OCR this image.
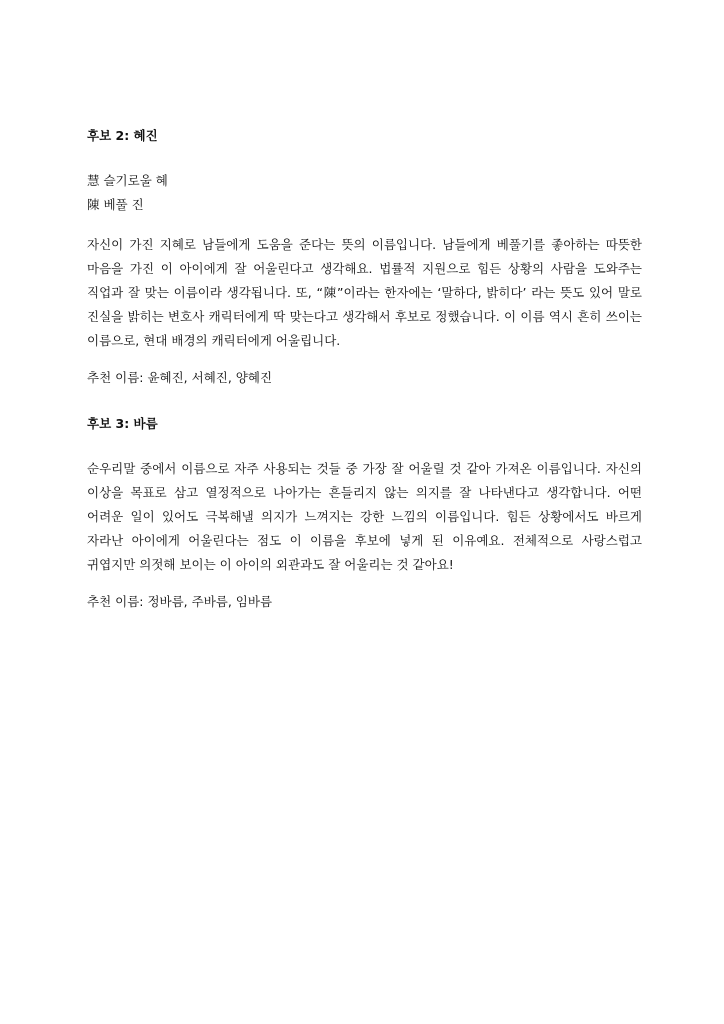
후보 2: 혜진

慧 슬기로울 혜

陳 베풀 진

자신이 가진 지혜로 남들에게 도움을 준다는 뜻의 이름입니다. 남들에게 베풀기를 좋아하는 따뜻한 마음을 가진 이 아이에게 잘 어울린다고 생각해요. 법률적 지원으로 힘든 상황의 사람을 도와주는 직업과 잘 맞는 이름이라 생각됩니다. 또, “陳”이라는 한자에는 ‘말하다, 밝히다’ 라는 뜻도 있어 말로 진실을 밝히는 변호사 캐릭터에게 딱 맞는다고 생각해서 후보로 정했습니다. 이 이름 역시 흔히 쓰이는 이름으로, 현대 배경의 캐릭터에게 어울립니다.

추천 이름: 윤혜진, 서혜진, 양혜진

후보 3: 바름

순우리말 중에서 이름으로 자주 사용되는 것들 중 가장 잘 어울릴 것 같아 가져온 이름입니다. 자신의 이상을 목표로 삼고 열정적으로 나아가는 흔들리지 않는 의지를 잘 나타낸다고 생각합니다. 어떤 어려운 일이 있어도 극복해낼 의지가 느껴지는 강한 느낌의 이름입니다. 힘든 상황에서도 바르게 자라난 아이에게 어울린다는 점도 이 이름을 후보에 넣게 된 이유예요. 전체적으로 사랑스럽고 귀엽지만 의젓해 보이는 이 아이의 외관과도 잘 어울리는 것 같아요!

추천 이름: 정바름, 주바름, 임바름
